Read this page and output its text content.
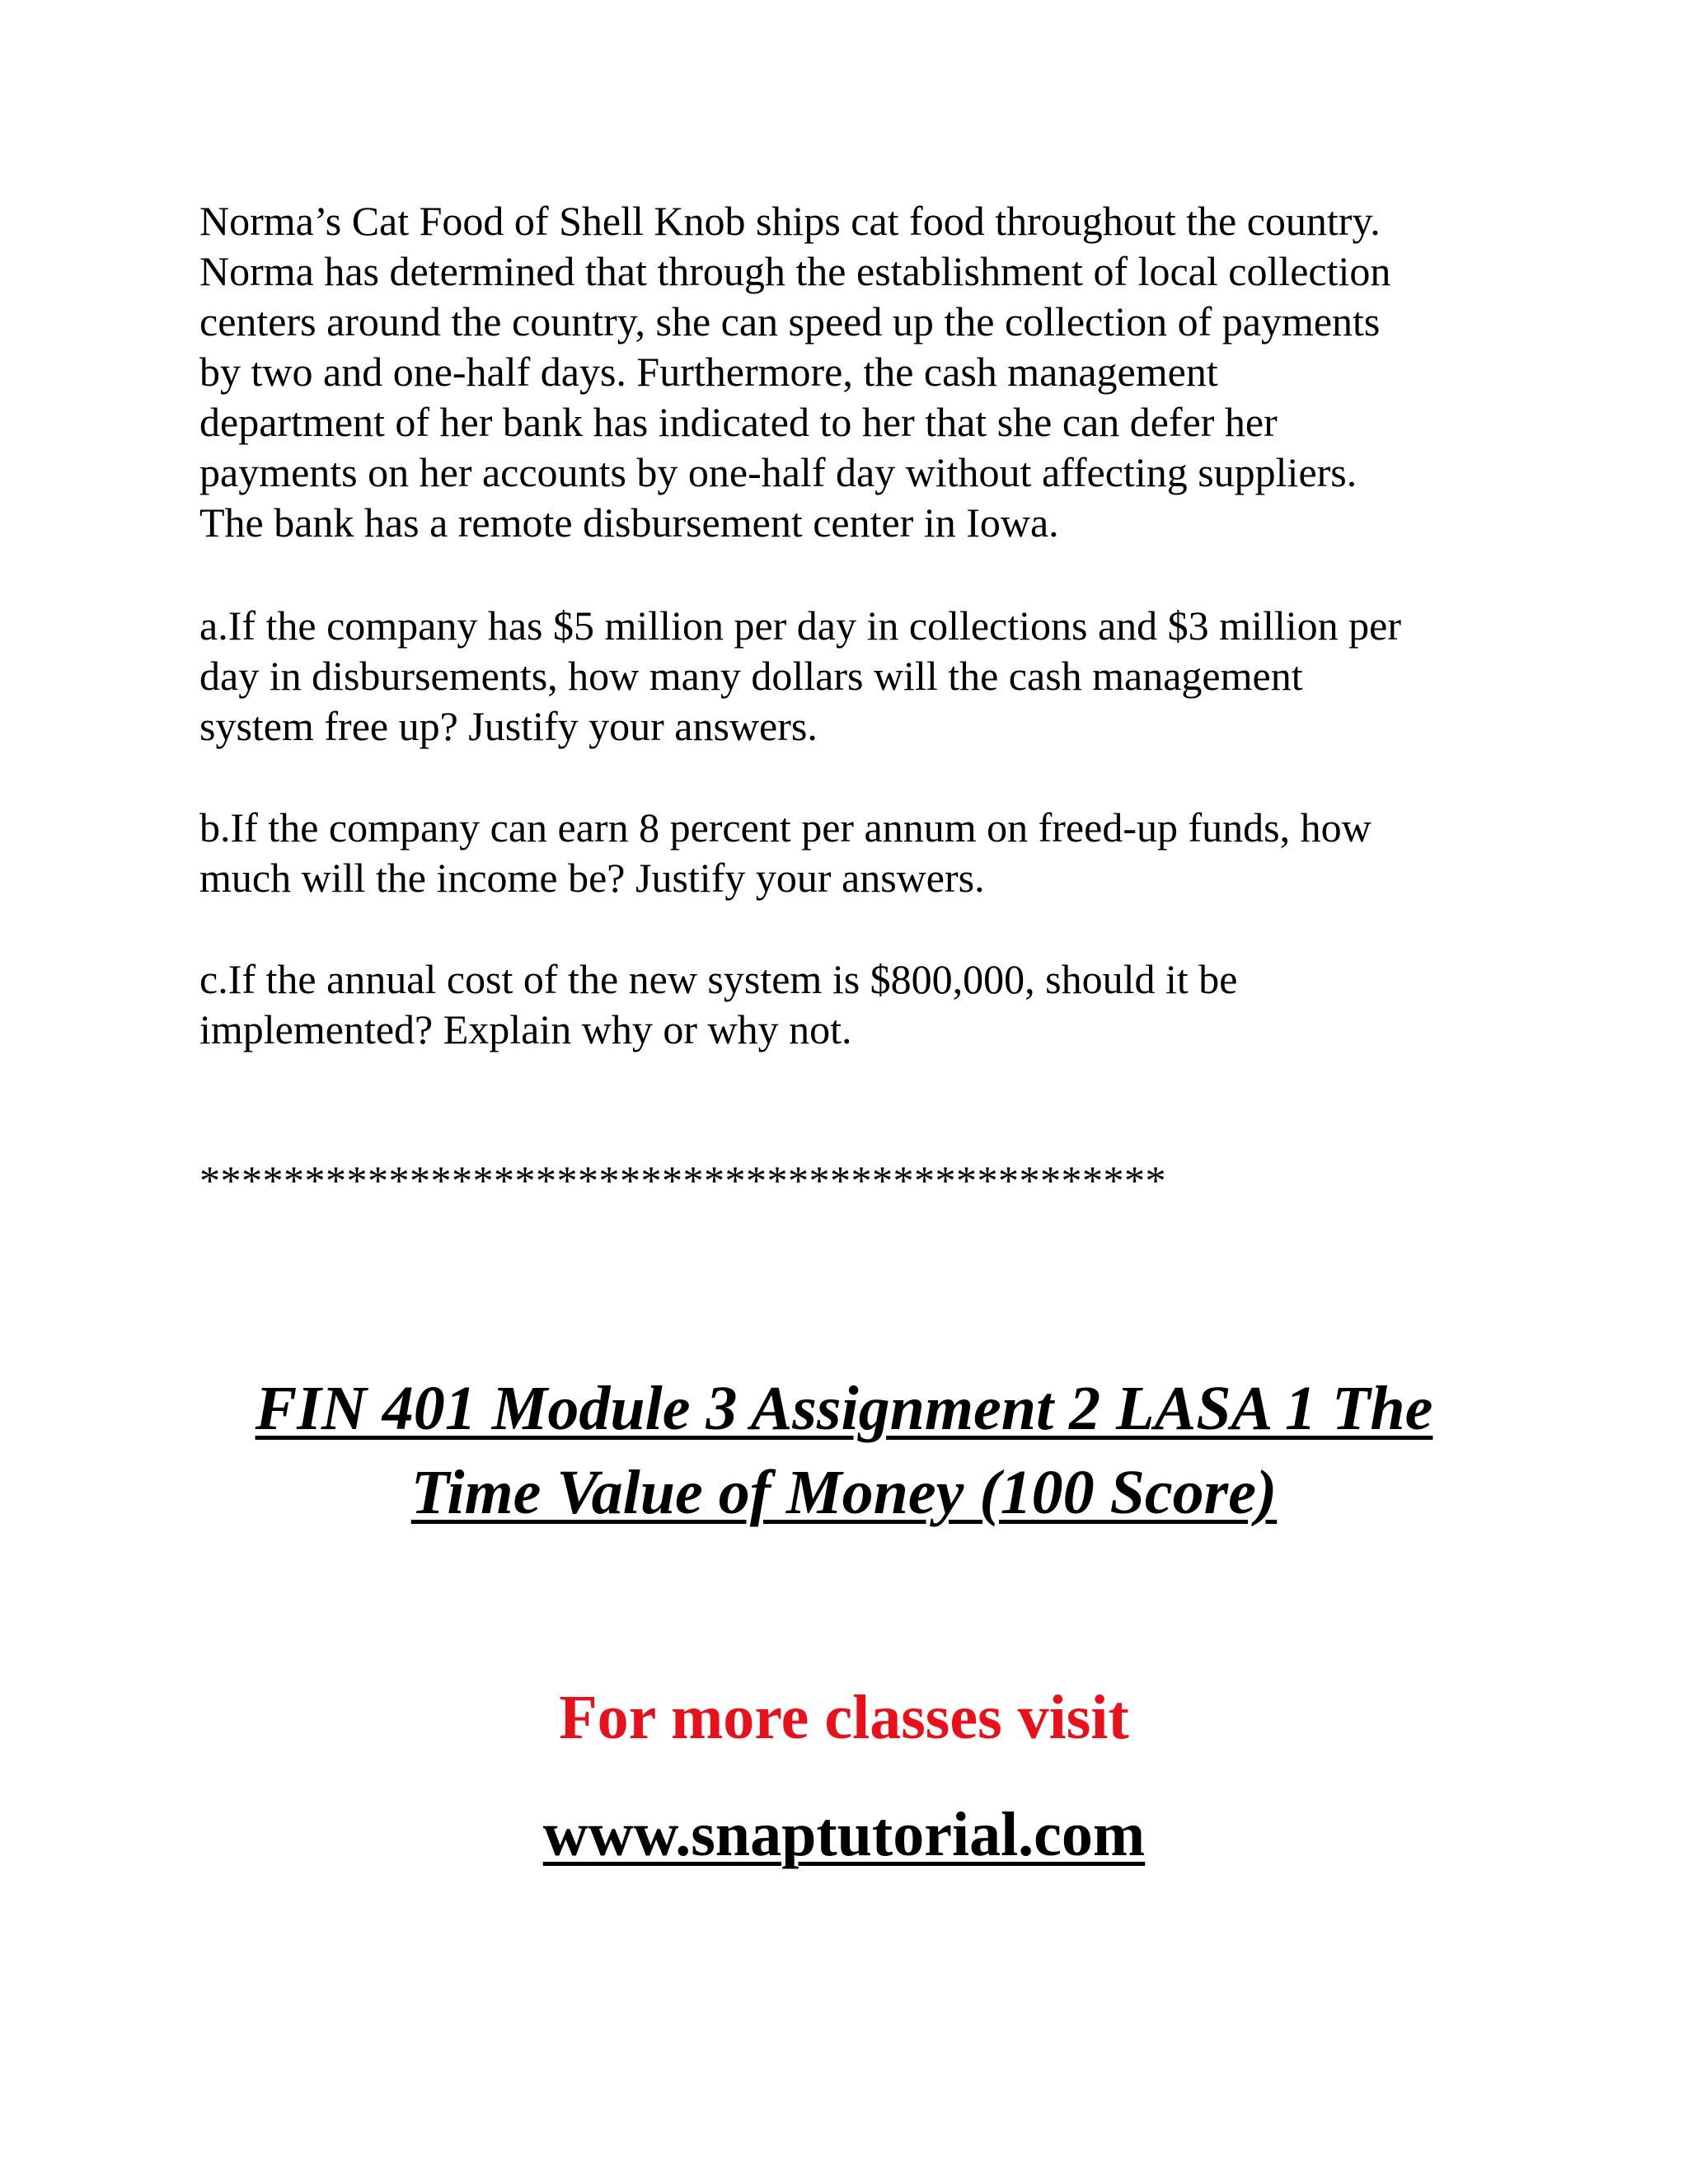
Norma’s Cat Food of Shell Knob ships cat food throughout the country.
Norma has determined that through the establishment of local collection
centers around the country, she can speed up the collection of payments
by two and one-half days. Furthermore, the cash management
department of her bank has indicated to her that she can defer her
payments on her accounts by one-half day without affecting suppliers.
The bank has a remote disbursement center in Iowa.

a.If the company has $5 million per day in collections and $3 million per
day in disbursements, how many dollars will the cash management
system free up? Justify your answers.

b.If the company can earn 8 percent per annum on freed-up funds, how
much will the income be? Justify your answers.

c.If the annual cost of the new system is $800,000, should it be
implemented? Explain why or why not.

**********************************************
FIN 401 Module 3 Assignment 2 LASA 1 The
Time Value of Money (100 Score)
For more classes visit
www.snaptutorial.com
